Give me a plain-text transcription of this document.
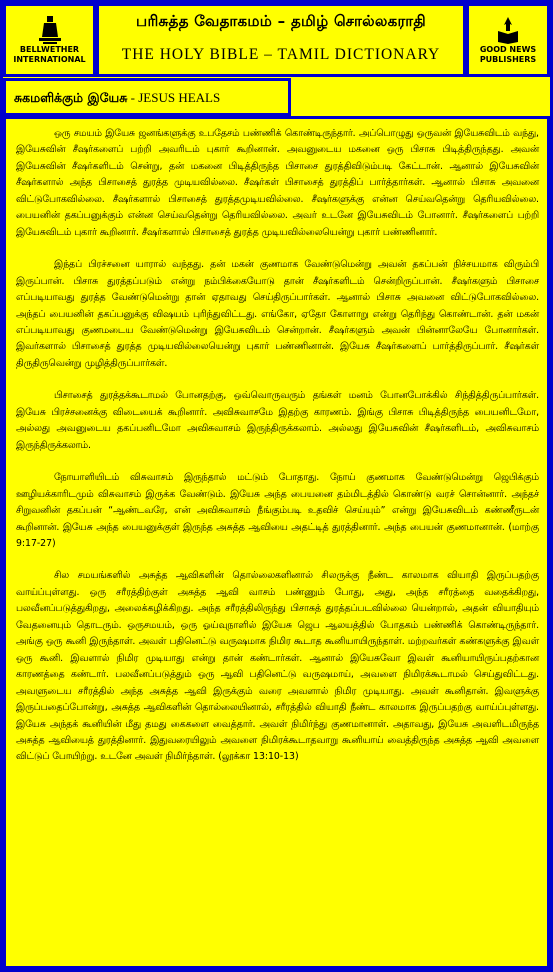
BELLWETHER
INTERNATIONAL
பரிசுத்த வேதாகமம் – தமிழ் சொல்லகராதி
THE HOLY BIBLE – TAMIL DICTIONARY	GOOD NEWS
PUBLISHERS
சுகமளிக்கும் இயேசு - JESUS HEALS

ஒரு சமயம் இயேசு ஜனங்களுக்கு உபதேசம் பண்ணிக் கொண்டிருந்தார். அப்பொழுது ஒருவன் இயேசுவிடம் வந்து, இயேசுவின் சீஷர்களைப் பற்றி அவரிடம் புகார் கூறினான். அவனுடைய மகனை ஒரு பிசாசு பிடித்திருந்தது. அவன் இயேசுவின் சீஷர்களிடம் சென்று, தன் மகனை பிடித்திருந்த பிசாசை துரத்திவிடும்படி கேட்டான். ஆனால் இயேசுவின் சீஷர்களால் அந்த பிசாசைத் துரத்த முடியவில்லை. சீஷர்கள் பிசாசைத் துரத்திப் பார்த்தார்கள். ஆனால் பிசாசு அவனை விட்டுபோகவில்லை. சீஷர்களால் பிசாசைத் துரத்தமுடியவில்லை. சீஷர்களுக்கு என்ன செய்வதென்று தெரியவில்லை. பையனின் தகப்பனுக்கும் என்ன செய்வதென்று தெரியவில்லை. அவர் உடனே இயேசுவிடம் போனார். சீஷர்களைப் பற்றி இயேசுவிடம் புகார் கூறினார். சீஷர்களால் பிசாசைத் துரத்த முடியவில்லையென்று புகார் பண்ணினார்.

இந்தப் பிரச்சனை யாரால் வந்தது. தன் மகன் குணமாக வேண்டுமென்று அவன் தகப்பன் நிச்சயமாக விரும்பி இருப்பான். பிசாசு துரத்தப்படும் என்று நம்பிக்கையோடு தான் சீஷர்களிடம் சென்றிருப்பான். சீஷர்களும் பிசாசை எப்படியாவது துரத்த வேண்டுமென்று தான் ஏதாவது செய்திருப்பார்கள். ஆனால் பிசாசு அவனை விட்டுபோகவில்லை. அந்தப் பையனின் தகப்பனுக்கு விஷயம் புரிந்துவிட்டது. எங்கோ, ஏதோ கோளாறு என்று தெரிந்து கொண்டான். தன் மகன் எப்படியாவது குணமடைய வேண்டுமென்று இயேசுவிடம் சென்றான். சீஷர்களும் அவன் பின்னாலேயே போனார்கள். இவர்களால் பிசாசைத் துரத்த முடியவில்லையென்று புகார் பண்ணினான். இயேசு சீஷர்களைப் பார்த்திருப்பார். சீஷர்கள் திருதிருவென்று முழித்திருப்பார்கள்.

பிசாசைத் துரத்தக்கூடாமல் போனதற்கு, ஒவ்வொருவரும் தங்கள் மனம் போனபோக்கில் சிந்தித்திருப்பார்கள். இயேசு பிரச்சனைக்கு விடையைக் கூறினார். அவிசுவாசமே இதற்கு காரணம். இங்கு பிசாசு பிடித்திருந்த பையனிடமோ, அல்லது அவனுடைய தகப்பனிடமோ அவிசுவாசம் இருந்திருக்கலாம். அல்லது இயேசுவின் சீஷர்களிடம், அவிசுவாசம் இருந்திருக்கலாம்.

நோயாளியிடம் விசுவாசம் இருந்தால் மட்டும் போதாது. நோய் குணமாக வேண்டுமென்று ஜெபிக்கும் ஊழியக்காரிடமும் விசுவாசம் இருக்க வேண்டும். இயேசு அந்த பையனை தம்மிடத்தில் கொண்டு வரச் சொன்னார். அந்தச் சிறுவனின் தகப்பன் “ஆண்டவரே, என் அவிசுவாசம் நீங்கும்படி உதவிச் செய்யும்” என்று இயேசுவிடம் கண்ணீருடன் கூறினான். இயேசு அந்த பையனுக்குள் இருந்த அசுத்த ஆவியை அதட்டித் துரத்தினார். அந்த பையன் குணமானான். (மாற்கு 9:17-27)

சில சமயங்களில் அசுத்த ஆவிகளின் தொல்லைகளினால் சிலருக்கு நீண்ட காலமாக வியாதி இருப்பதற்கு வாய்ப்புள்ளது. ஒரு சரீரத்திற்குள் அசுத்த ஆவி வாசம் பண்ணும் போது, அது, அந்த சரீரத்தை வதைக்கிறது, பலவீனப்படுத்துகிறது, அலைக்கழிக்கிறது. அந்த சரீரத்திலிருந்து பிசாசுத் துரத்தப்படவில்லை யென்றால், அதன் வியாதியும் வேதனையும் தொடரும். ஒருசமயம், ஒரு ஓய்வுநாளில் இயேசு ஜெப ஆலயத்தில் போதகம் பண்ணிக் கொண்டிருந்தார். அங்கு ஒரு கூனி இருந்தாள். அவள் பதினெட்டு வருஷமாக நிமிர கூடாத கூனியாயிருந்தாள். மற்றவர்கள் கண்களுக்கு இவள் ஒரு கூனி. இவளால் நிமிர முடியாது என்று தான் கண்டார்கள். ஆனால் இயேசுவோ இவள் கூனியாயிருப்பதற்கான காரணத்தை கண்டார். பலவீனப்படுத்தும் ஒரு ஆவி பதினெட்டு வருஷமாய், அவளை நிமிரக்கூடாமல் செய்துவிட்டது. அவளுடைய சரீரத்தில் அந்த அசுத்த ஆவி இருக்கும் வரை அவளால் நிமிர முடியாது. அவள் கூனிதான். இவளுக்கு இருப்பதைப்போன்று, அசுத்த ஆவிகளின் தொல்லையினால், சரீரத்தில் வியாதி நீண்ட காலமாக இருப்பதற்கு வாய்ப்புள்ளது. இயேசு அந்தக் கூனியின் மீது தமது கைகளை வைத்தார். அவள் நிமிர்ந்து குணமானாள். அதாவது, இயேசு அவளிடமிருந்த அசுத்த ஆவியைத் துரத்தினார். இதுவரையிலும் அவளை நிமிரக்கூடாதவாறு கூனியாய் வைத்திருந்த அசுத்த ஆவி அவளை விட்டுப் போயிற்று. உடனே அவள் நிமிர்ந்தாள். (லூக்கா 13:10-13)
